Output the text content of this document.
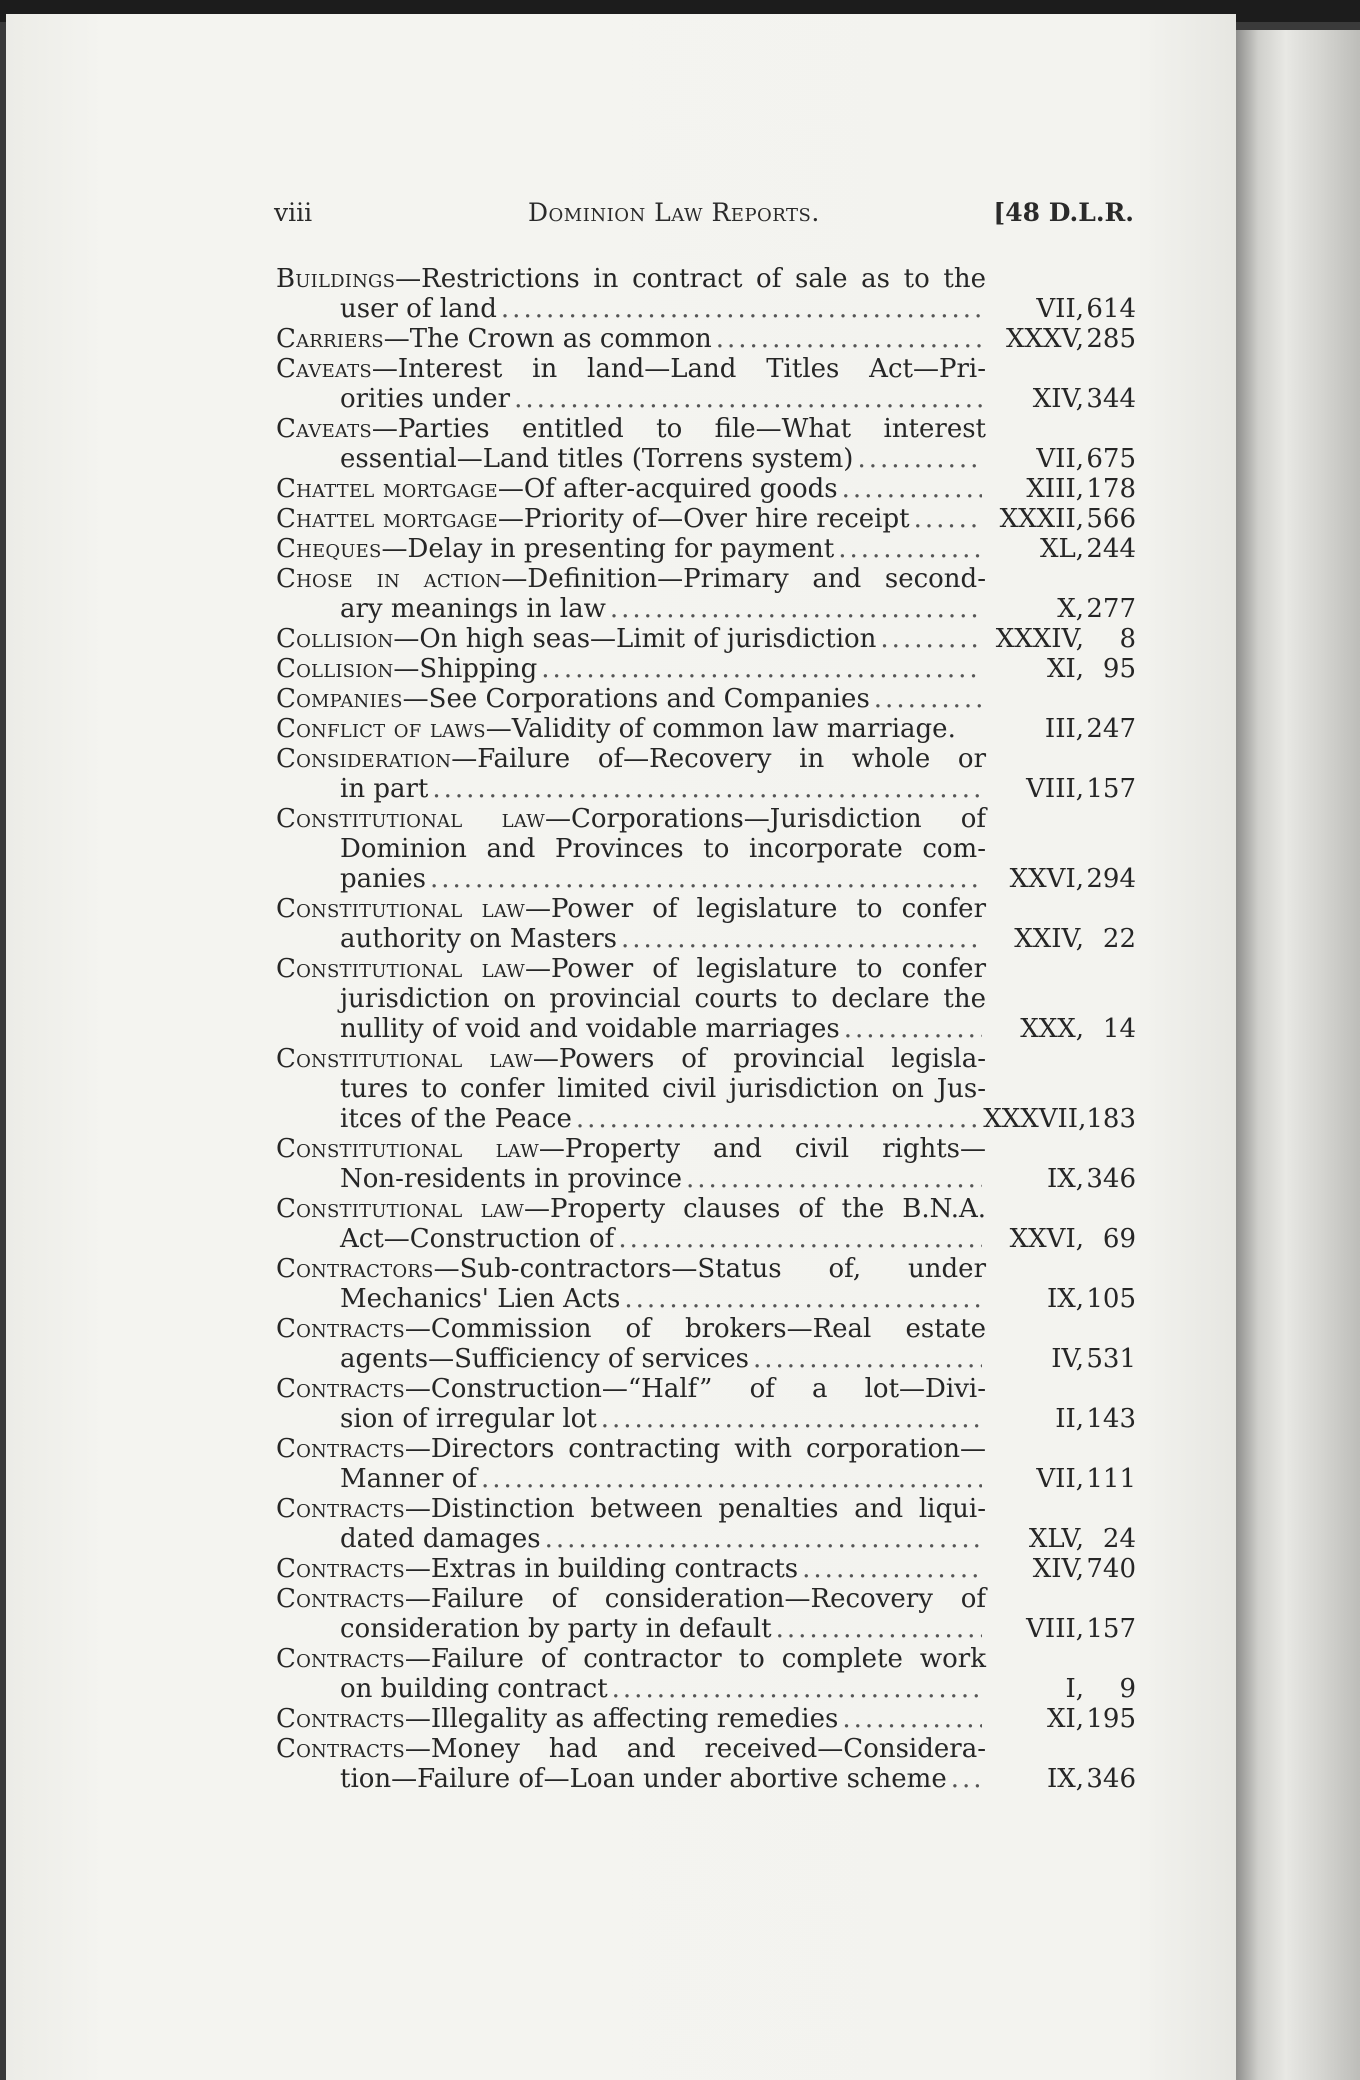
viii	Dominion Law Reports.	[48 D.L.R.
Buildings—Restrictions in contract of sale as to the
user of land .....	VII, 614
Carriers—The Crown as common .....	XXXV, 285
Caveats—Interest in land—Land Titles Act—Pri-
orities under .....	XIV, 344
Caveats—Parties entitled to file—What interest
essential—Land titles (Torrens system) .....	VII, 675
Chattel mortgage—Of after-acquired goods .....	XIII, 178
Chattel mortgage—Priority of—Over hire receipt .....	XXXII, 566
Cheques—Delay in presenting for payment .....	XL, 244
Chose in action—Definition—Primary and second-
ary meanings in law .....	X, 277
Collision—On high seas—Limit of jurisdiction .....	XXXIV,	8
Collision—Shipping .....	XI, 95
Companies—See Corporations and Companies
.....
Conflict of laws—Validity of common law marriage.	III, 247
Consideration—Failure of—Recovery in whole or
in part .....	VIII, 157
Constitutional law—Corporations—Jurisdiction of
Dominion and Provinces to incorporate com-
panies .....	XXVI, 294
Constitutional law—Power of legislature to confer
authority on Masters .....	XXIV, 22
Constitutional law—Power of legislature to confer
jurisdiction on provincial courts to declare the
nullity of void and voidable marriages .....	XXX, 14
Constitutional law—Powers of provincial legisla-
tures to confer limited civil jurisdiction on Jus-
itces of the Peace .....	XXXVII, 183
Constitutional law—Property and civil rights—
Non-residents in province .....	IX, 346
Constitutional law—Property clauses of the B.N.A.
Act—Construction of .....	XXVI, 69
Contractors—Sub-contractors—Status of, under
Mechanics' Lien Acts .....	IX, 105
Contracts—Commission of brokers—Real estate
agents—Sufficiency of services .....	IV, 531
Contracts—Construction—“Half” of a lot—Divi-
sion of irregular lot .....	II, 143
Contracts—Directors contracting with corporation—
Manner of .....	VII, 111
Contracts—Distinction between penalties and liqui-
dated damages .....	XLV, 24
Contracts—Extras in building contracts .....	XIV, 740
Contracts—Failure of consideration—Recovery of
consideration by party in default .....	VIII, 157
Contracts—Failure of contractor to complete work
on building contract .....	I,	9
Contracts—Illegality as affecting remedies .....	XI, 195
Contracts—Money had and received—Considera-
tion—Failure of—Loan under abortive scheme .....	IX, 346
